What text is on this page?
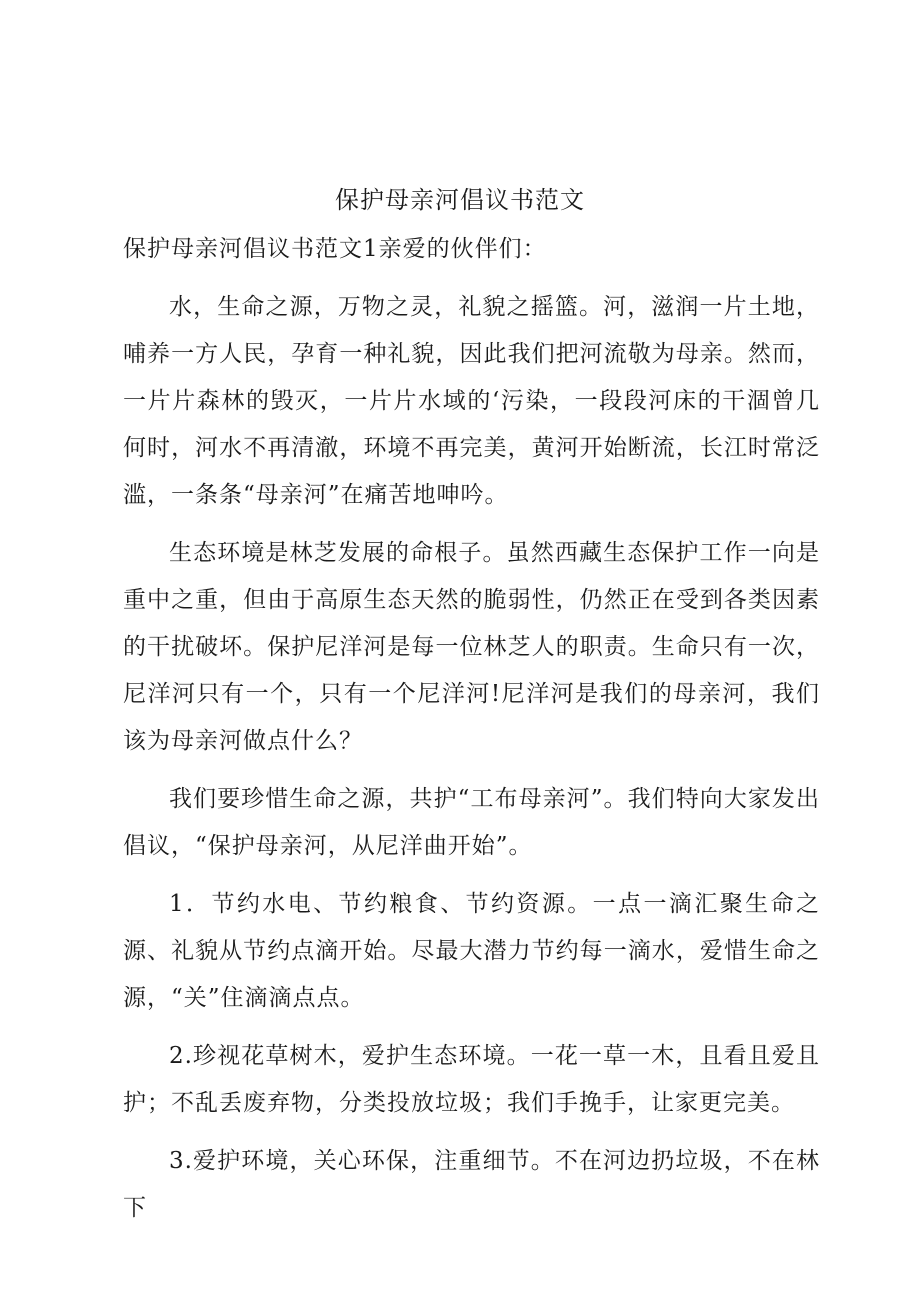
保护母亲河倡议书范文

保护母亲河倡议书范文1亲爱的伙伴们：

水，生命之源，万物之灵，礼貌之摇篮。河，滋润一片土地，哺养一方人民，孕育一种礼貌，因此我们把河流敬为母亲。然而，一片片森林的毁灭，一片片水域的‘污染，一段段河床的干涸曾几何时，河水不再清澈，环境不再完美，黄河开始断流，长江时常泛滥，一条条“母亲河”在痛苦地呻吟。

生态环境是林芝发展的命根子。虽然西藏生态保护工作一向是重中之重，但由于高原生态天然的脆弱性，仍然正在受到各类因素的干扰破坏。保护尼洋河是每一位林芝人的职责。生命只有一次，尼洋河只有一个，只有一个尼洋河!尼洋河是我们的母亲河，我们该为母亲河做点什么？

我们要珍惜生命之源，共护“工布母亲河”。我们特向大家发出倡议，“保护母亲河，从尼洋曲开始”。

1．节约水电、节约粮食、节约资源。一点一滴汇聚生命之源、礼貌从节约点滴开始。尽最大潜力节约每一滴水，爱惜生命之源，“关”住滴滴点点。

2.珍视花草树木，爱护生态环境。一花一草一木，且看且爱且护；不乱丢废弃物，分类投放垃圾；我们手挽手，让家更完美。

3.爱护环境，关心环保，注重细节。不在河边扔垃圾，不在林下
